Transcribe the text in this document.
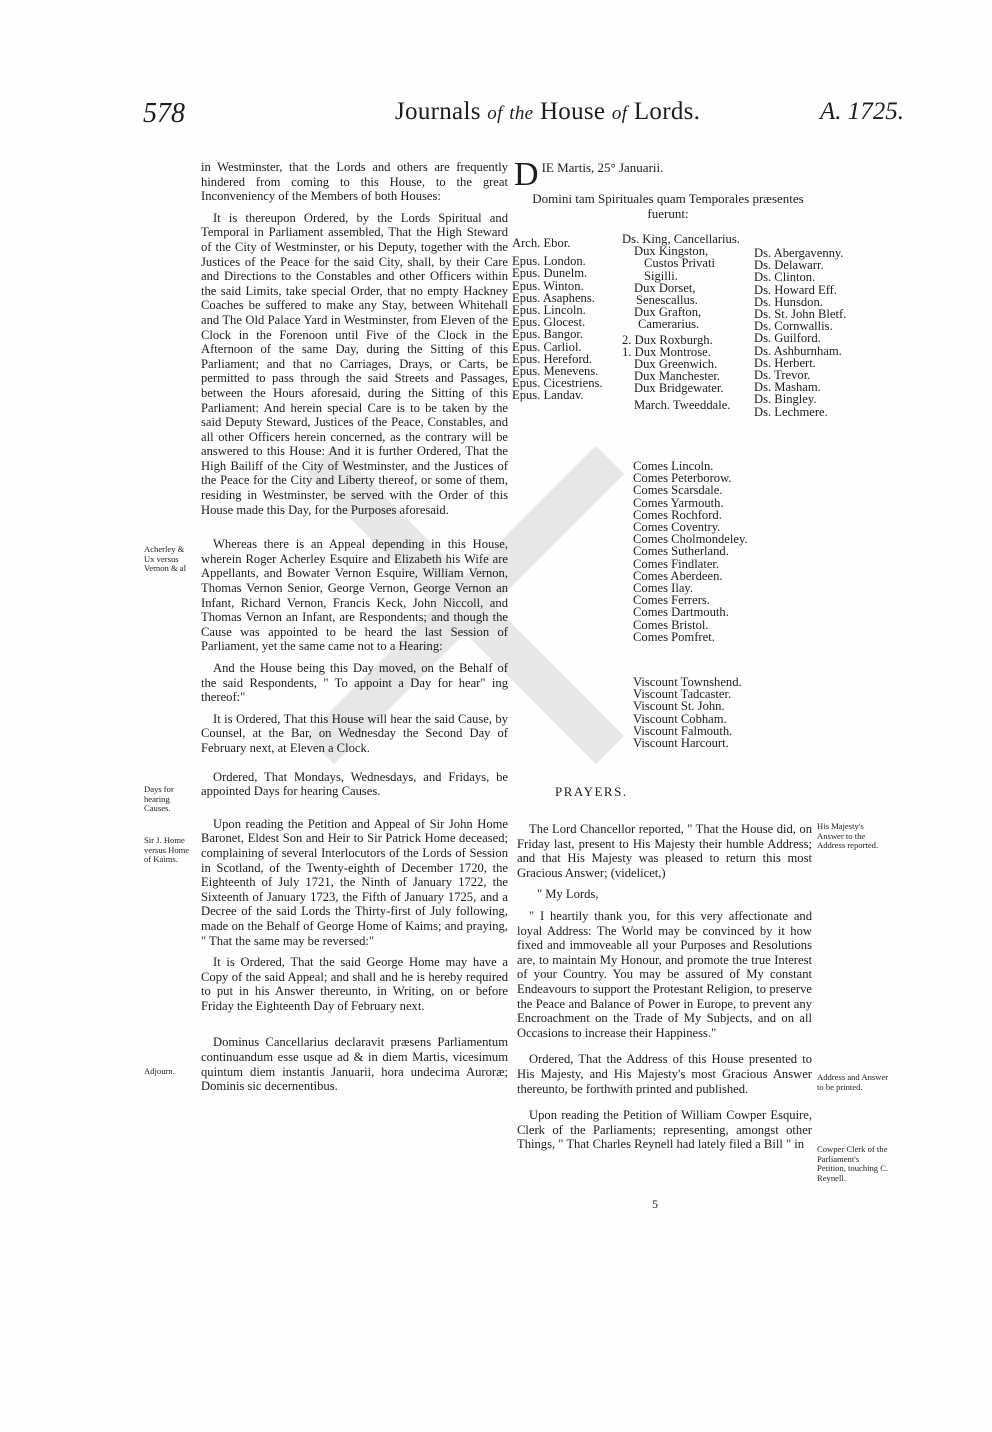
578	Journals of the House of Lords.	A. 1725.

in Westminster, that the Lords and others are frequently hindered from coming to this House, to the great Inconveniency of the Members of both Houses:

It is thereupon Ordered, by the Lords Spiritual and Temporal in Parliament assembled, That the High Steward of the City of Westminster, or his Deputy, together with the Justices of the Peace for the said City, shall, by their Care and Directions to the Constables and other Officers within the said Limits, take special Order, that no empty Hackney Coaches be suffered to make any Stay, between Whitehall and The Old Palace Yard in Westminster, from Eleven of the Clock in the Forenoon until Five of the Clock in the Afternoon of the same Day, during the Sitting of this Parliament; and that no Carriages, Drays, or Carts, be permitted to pass through the said Streets and Passages, between the Hours aforesaid, during the Sitting of this Parliament: And herein special Care is to be taken by the said Deputy Steward, Justices of the Peace, Constables, and all other Officers herein concerned, as the contrary will be answered to this House: And it is further Ordered, That the High Bailiff of the City of Westminster, and the Justices of the Peace for the City and Liberty thereof, or some of them, residing in Westminster, be served with the Order of this House made this Day, for the Purposes aforesaid.

Whereas there is an Appeal depending in this House, wherein Roger Acherley Esquire and Elizabeth his Wife are Appellants, and Bowater Vernon Esquire, William Vernon, Thomas Vernon Senior, George Vernon, George Vernon an Infant, Richard Vernon, Francis Keck, John Niccoll, and Thomas Vernon an Infant, are Respondents; and though the Cause was appointed to be heard the last Session of Parliament, yet the same came not to a Hearing:

And the House being this Day moved, on the Behalf of the said Respondents, " To appoint a Day for hear" ing thereof:"

It is Ordered, That this House will hear the said Cause, by Counsel, at the Bar, on Wednesday the Second Day of February next, at Eleven a Clock.

Ordered, That Mondays, Wednesdays, and Fridays, be appointed Days for hearing Causes.

Upon reading the Petition and Appeal of Sir John Home Baronet, Eldest Son and Heir to Sir Patrick Home deceased; complaining of several Interlocutors of the Lords of Session in Scotland, of the Twenty-eighth of December 1720, the Eighteenth of July 1721, the Ninth of January 1722, the Sixteenth of January 1723, the Fifth of January 1725, and a Decree of the said Lords the Thirty-first of July following, made on the Behalf of George Home of Kaims; and praying, " That the same may be reversed:"

It is Ordered, That the said George Home may have a Copy of the said Appeal; and shall and he is hereby required to put in his Answer thereunto, in Writing, on or before Friday the Eighteenth Day of February next.

Dominus Cancellarius declaravit præsens Parliamentum continuandum esse usque ad & in diem Martis, vicesimum quintum diem instantis Januarii, hora undecima Auroræ; Dominis sic decernentibus.

Acherley & Ux versus Vernon & al
Days for hearing Causes.
Sir J. Home versus Home of Kaims.
Adjourn.
DIE Martis, 25° Januarii.
Domini tam Spirituales quam Temporales præsentes fuerunt:
Arch. Ebor.
Epus. London.
Epus. Dunelm.
Epus. Winton.
Epus. Asaphens.
Epus. Lincoln.
Epus. Glocest.
Epus. Bangor.
Epus. Carliol.
Epus. Hereford.
Epus. Menevens.
Epus. Cicestriens.
Epus. Landav.
Ds. King, Cancellarius.
Dux Kingston,
Custos Privati Sigilli.
Dux Dorset,
Senescallus.
Dux Grafton,
Camerarius.
2. Dux Roxburgh.
1. Dux Montrose.
Dux Greenwich.
Dux Manchester.
Dux Bridgewater.
March. Tweeddale.
Ds. Abergavenny.
Ds. Delawarr.
Ds. Clinton.
Ds. Howard Eff.
Ds. Hunsdon.
Ds. St. John Bletf.
Ds. Cornwallis.
Ds. Guilford.
Ds. Ashburnham.
Ds. Herbert.
Ds. Trevor.
Ds. Masham.
Ds. Bingley.
Ds. Lechmere.
Comes Lincoln.
Comes Peterborow.
Comes Scarsdale.
Comes Yarmouth.
Comes Rochford.
Comes Coventry.
Comes Cholmondeley.
Comes Sutherland.
Comes Findlater.
Comes Aberdeen.
Comes Ilay.
Comes Ferrers.
Comes Dartmouth.
Comes Bristol.
Comes Pomfret.
Viscount Townshend.
Viscount Tadcaster.
Viscount St. John.
Viscount Cobham.
Viscount Falmouth.
Viscount Harcourt.
PRAYERS.

The Lord Chancellor reported, " That the House did, on Friday last, present to His Majesty their humble Address; and that His Majesty was pleased to return this most Gracious Answer; (videlicet,)

" My Lords,

" I heartily thank you, for this very affectionate and loyal Address: The World may be convinced by it how fixed and immoveable all your Purposes and Resolutions are, to maintain My Honour, and promote the true Interest of your Country. You may be assured of My constant Endeavours to support the Protestant Religion, to preserve the Peace and Balance of Power in Europe, to prevent any Encroachment on the Trade of My Subjects, and on all Occasions to increase their Happiness."

Ordered, That the Address of this House presented to His Majesty, and His Majesty's most Gracious Answer thereunto, be forthwith printed and published.

Upon reading the Petition of William Cowper Esquire, Clerk of the Parliaments; representing, amongst other Things, " That Charles Reynell had lately filed a Bill " in

His Majesty's Answer to the Address reported.
Address and Answer to be printed.
Cowper Clerk of the Parliament's Petition, touching C. Reynell.
5
